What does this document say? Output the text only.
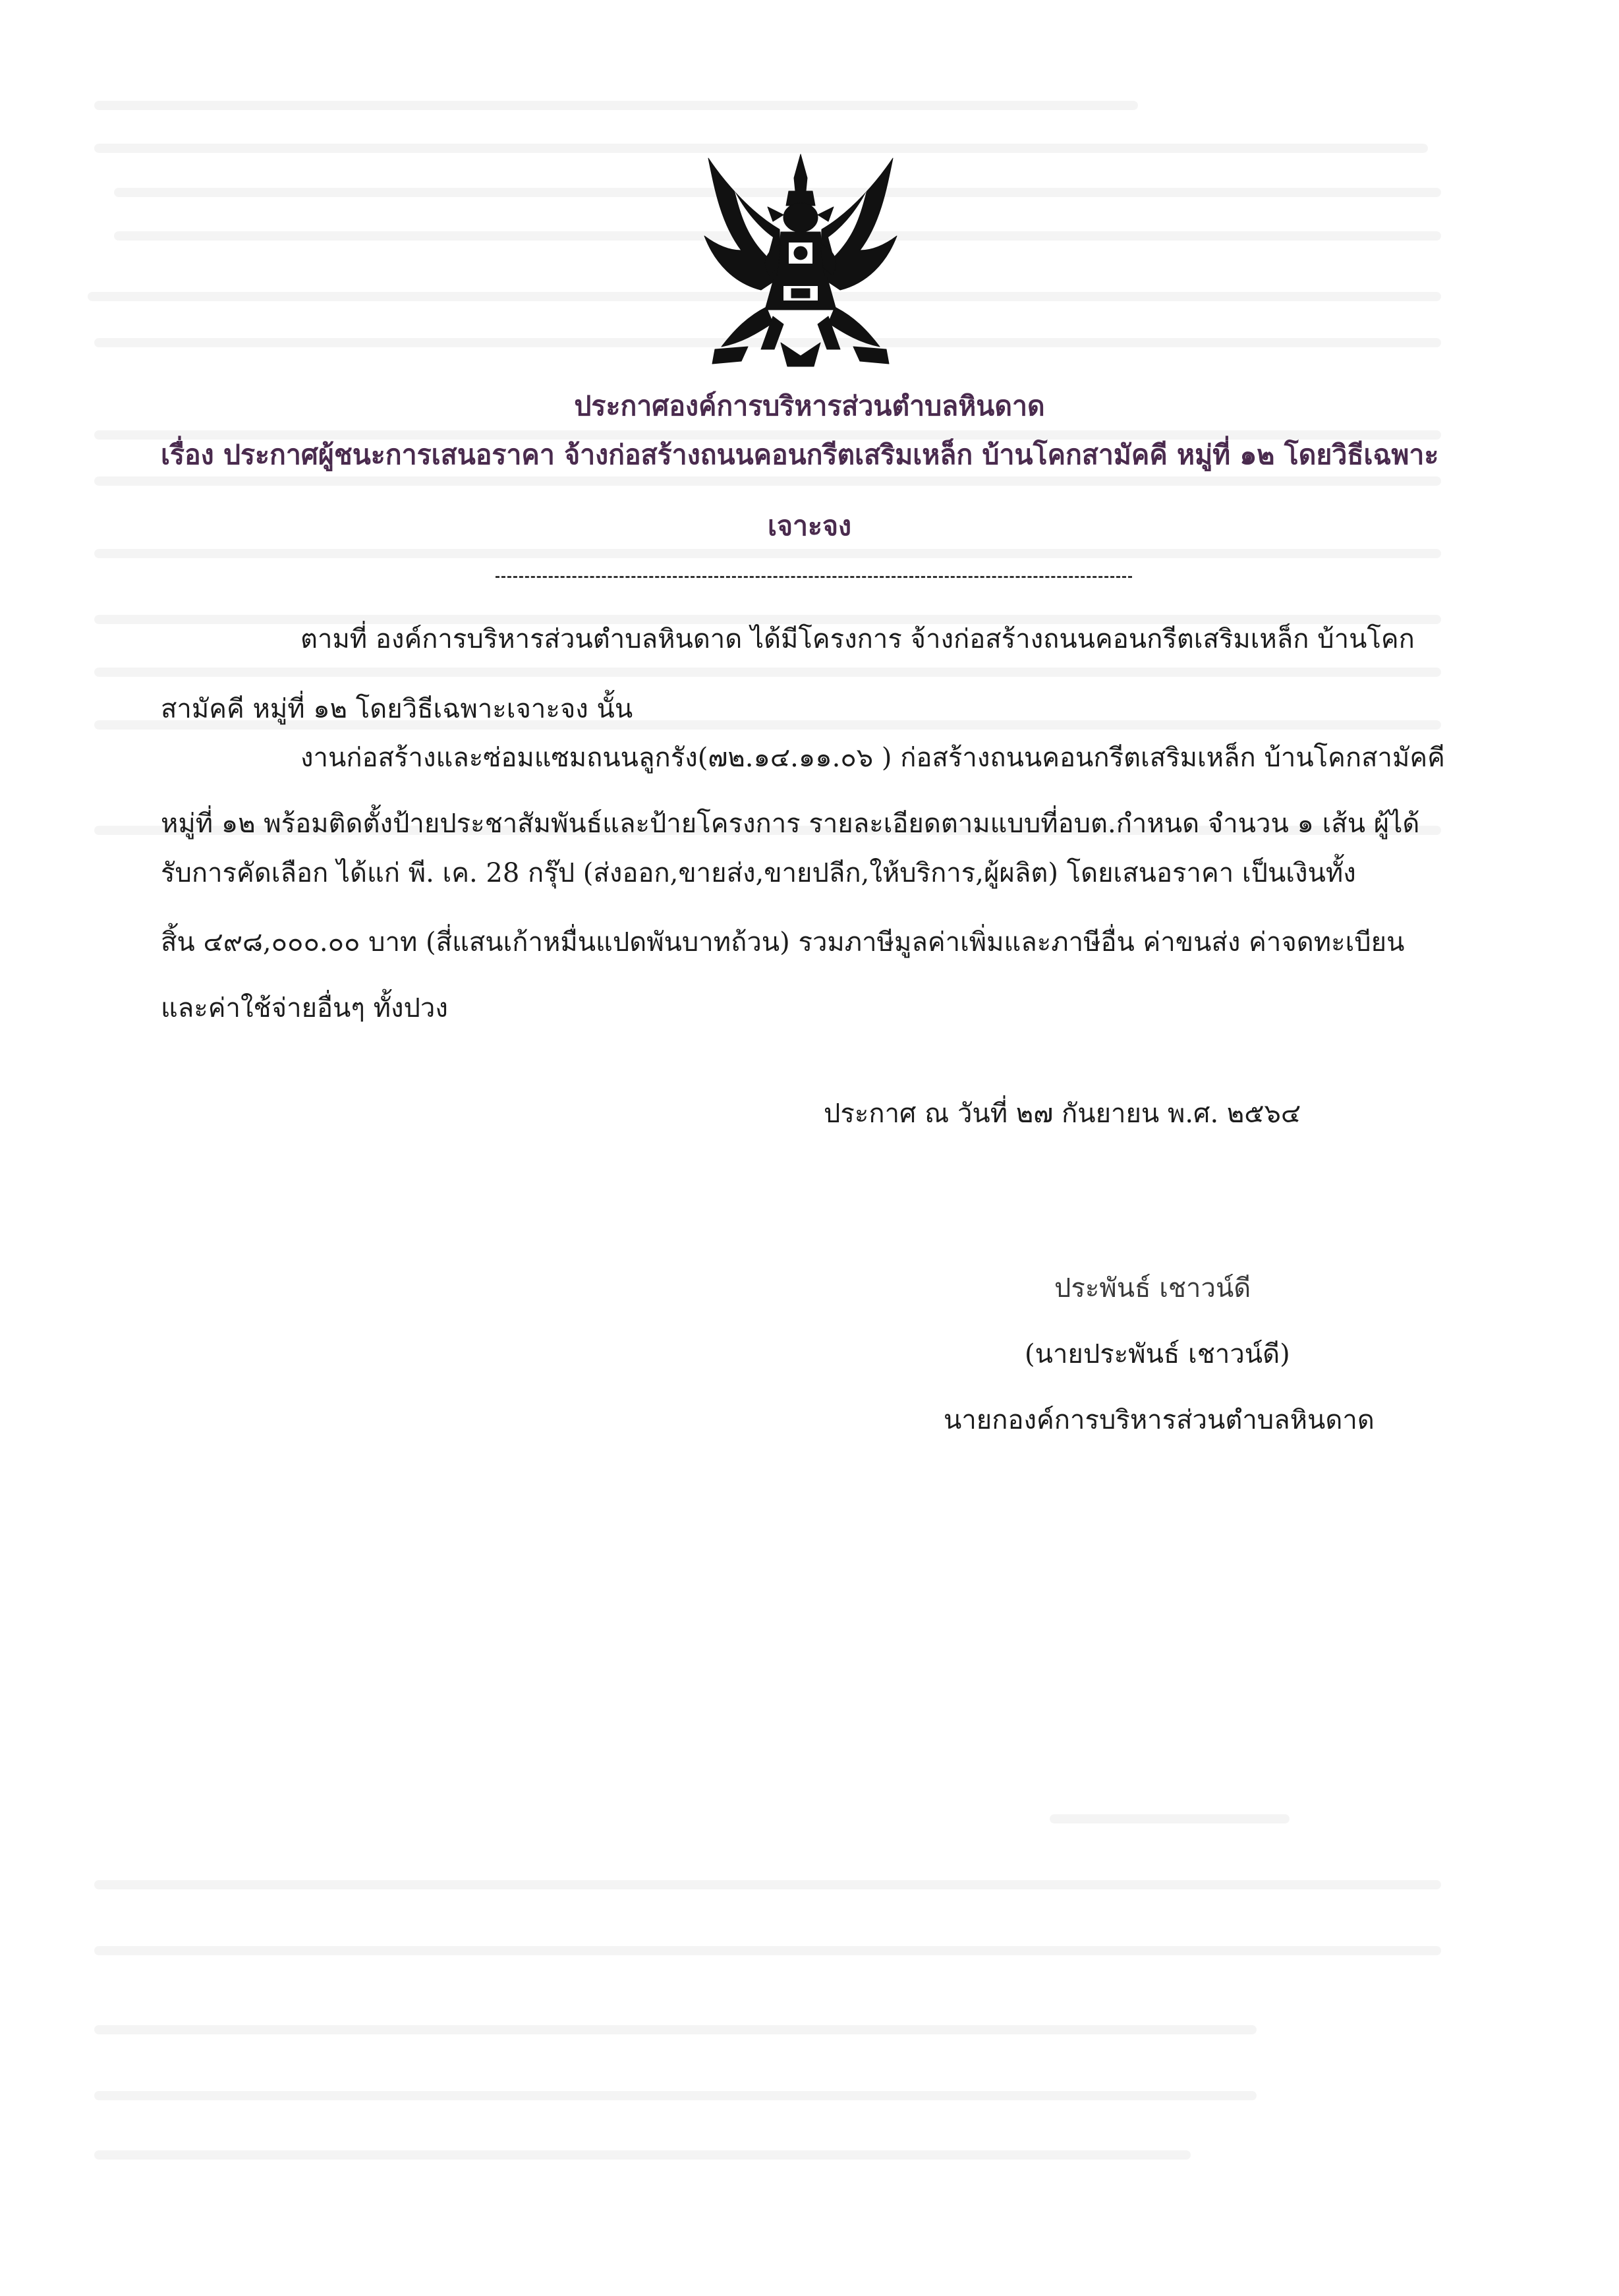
ประกาศองค์การบริหารส่วนตำบลหินดาด
เรื่อง ประกาศผู้ชนะการเสนอราคา จ้างก่อสร้างถนนคอนกรีตเสริมเหล็ก บ้านโคกสามัคคี หมู่ที่ ๑๒ โดยวิธีเฉพาะ
เจาะจง
ตามที่ องค์การบริหารส่วนตำบลหินดาด ได้มีโครงการ จ้างก่อสร้างถนนคอนกรีตเสริมเหล็ก บ้านโคก
สามัคคี หมู่ที่ ๑๒ โดยวิธีเฉพาะเจาะจง นั้น
งานก่อสร้างและซ่อมแซมถนนลูกรัง(๗๒.๑๔.๑๑.๐๖ ) ก่อสร้างถนนคอนกรีตเสริมเหล็ก บ้านโคกสามัคคี
หมู่ที่ ๑๒ พร้อมติดตั้งป้ายประชาสัมพันธ์และป้ายโครงการ รายละเอียดตามแบบที่อบต.กำหนด จำนวน ๑ เส้น ผู้ได้
รับการคัดเลือก ได้แก่ พี. เค. 28 กรุ๊ป (ส่งออก,ขายส่ง,ขายปลีก,ให้บริการ,ผู้ผลิต) โดยเสนอราคา เป็นเงินทั้ง
สิ้น ๔๙๘,๐๐๐.๐๐ บาท (สี่แสนเก้าหมื่นแปดพันบาทถ้วน) รวมภาษีมูลค่าเพิ่มและภาษีอื่น ค่าขนส่ง ค่าจดทะเบียน
และค่าใช้จ่ายอื่นๆ ทั้งปวง
ประกาศ ณ วันที่ ๒๗ กันยายน พ.ศ. ๒๕๖๔
ประพันธ์ เชาวน์ดี
(นายประพันธ์ เชาวน์ดี)
นายกองค์การบริหารส่วนตำบลหินดาด
